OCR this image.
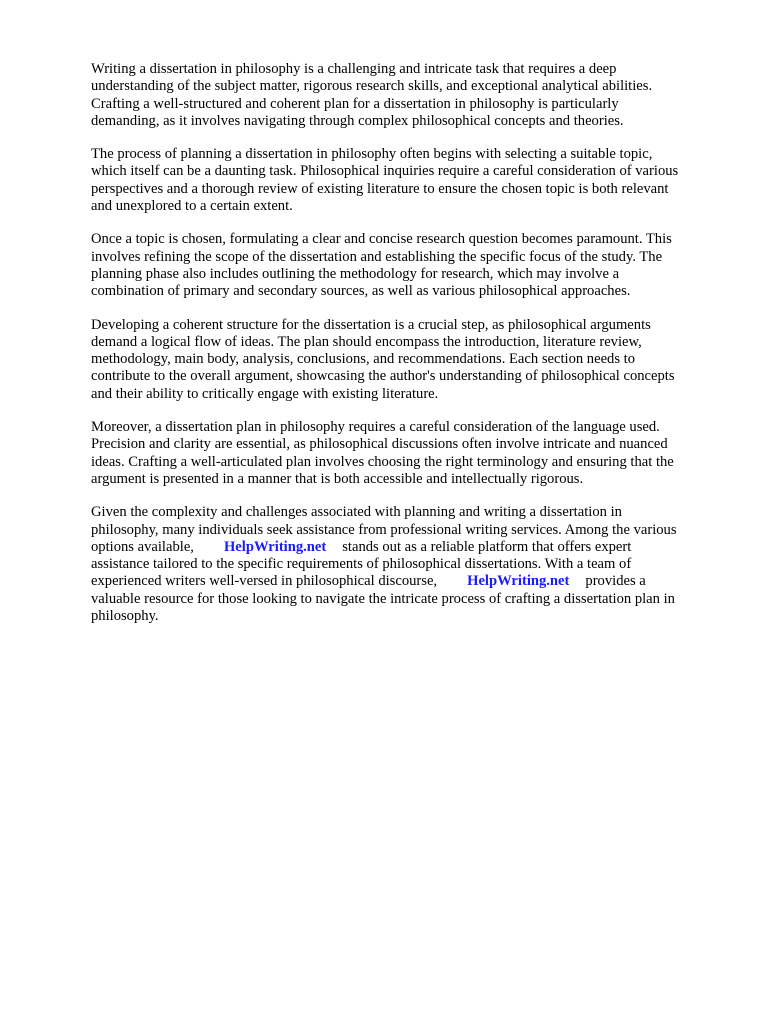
Writing a dissertation in philosophy is a challenging and intricate task that requires a deep
understanding of the subject matter, rigorous research skills, and exceptional analytical abilities.
Crafting a well-structured and coherent plan for a dissertation in philosophy is particularly
demanding, as it involves navigating through complex philosophical concepts and theories.

The process of planning a dissertation in philosophy often begins with selecting a suitable topic,
which itself can be a daunting task. Philosophical inquiries require a careful consideration of various
perspectives and a thorough review of existing literature to ensure the chosen topic is both relevant
and unexplored to a certain extent.

Once a topic is chosen, formulating a clear and concise research question becomes paramount. This
involves refining the scope of the dissertation and establishing the specific focus of the study. The
planning phase also includes outlining the methodology for research, which may involve a
combination of primary and secondary sources, as well as various philosophical approaches.

Developing a coherent structure for the dissertation is a crucial step, as philosophical arguments
demand a logical flow of ideas. The plan should encompass the introduction, literature review,
methodology, main body, analysis, conclusions, and recommendations. Each section needs to
contribute to the overall argument, showcasing the author's understanding of philosophical concepts
and their ability to critically engage with existing literature.

Moreover, a dissertation plan in philosophy requires a careful consideration of the language used.
Precision and clarity are essential, as philosophical discussions often involve intricate and nuanced
ideas. Crafting a well-articulated plan involves choosing the right terminology and ensuring that the
argument is presented in a manner that is both accessible and intellectually rigorous.

Given the complexity and challenges associated with planning and writing a dissertation in
philosophy, many individuals seek assistance from professional writing services. Among the various
options available, HelpWriting.net stands out as a reliable platform that offers expert
assistance tailored to the specific requirements of philosophical dissertations. With a team of
experienced writers well-versed in philosophical discourse, HelpWriting.net provides a
valuable resource for those looking to navigate the intricate process of crafting a dissertation plan in
philosophy.
